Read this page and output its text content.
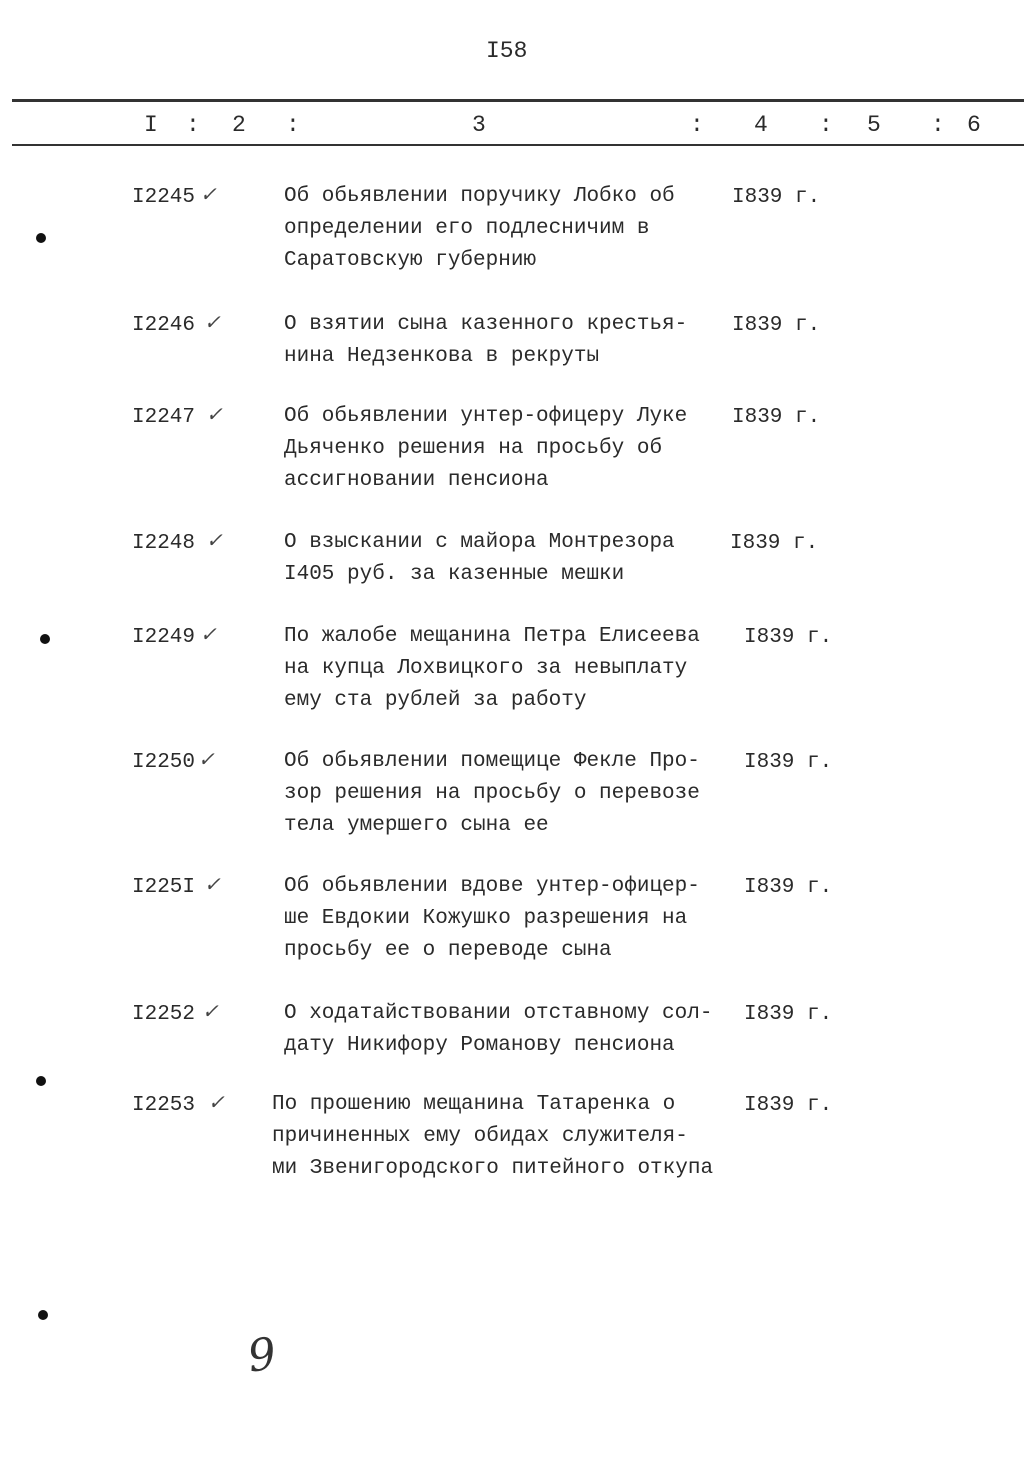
I58
I : 2 :	3	: 4 : 5 : 6
I2245 ✓	Об обьявлении поручику Лобко об
определении его подлесничим в
Саратовскую губернию
I839 г.
I2246 ✓	О взятии сына казенного крестья-
нина Недзенкова в рекруты
I839 г.
I2247 ✓	Об обьявлении унтер-офицеру Луке
Дьяченко решения на просьбу об
ассигновании пенсиона
I839 г.
I2248 ✓	О взыскании с майора Монтрезора
I405 руб. за казенные мешки
I839 г.
I2249 ✓	По жалобе мещанина Петра Елисеева
на купца Лохвицкого за невыплату
ему ста рублей за работу
I839 г.
I2250 ✓	Об обьявлении помещице Фекле Про-
зор решения на просьбу о перевозе
тела умершего сына ее
I839 г.
I225I ✓	Об обьявлении вдове унтер-офицер-
ше Евдокии Кожушко разрешения на
просьбу ее о переводе сына
I839 г.
I2252 ✓	О ходатайствовании отставному сол-
дату Никифору Романову пенсиона
I839 г.
I2253 ✓ По прошению мещанина Татаренка о
причиненных ему обидах служителя-
ми Звенигородского питейного откупа
I839 г.
9
